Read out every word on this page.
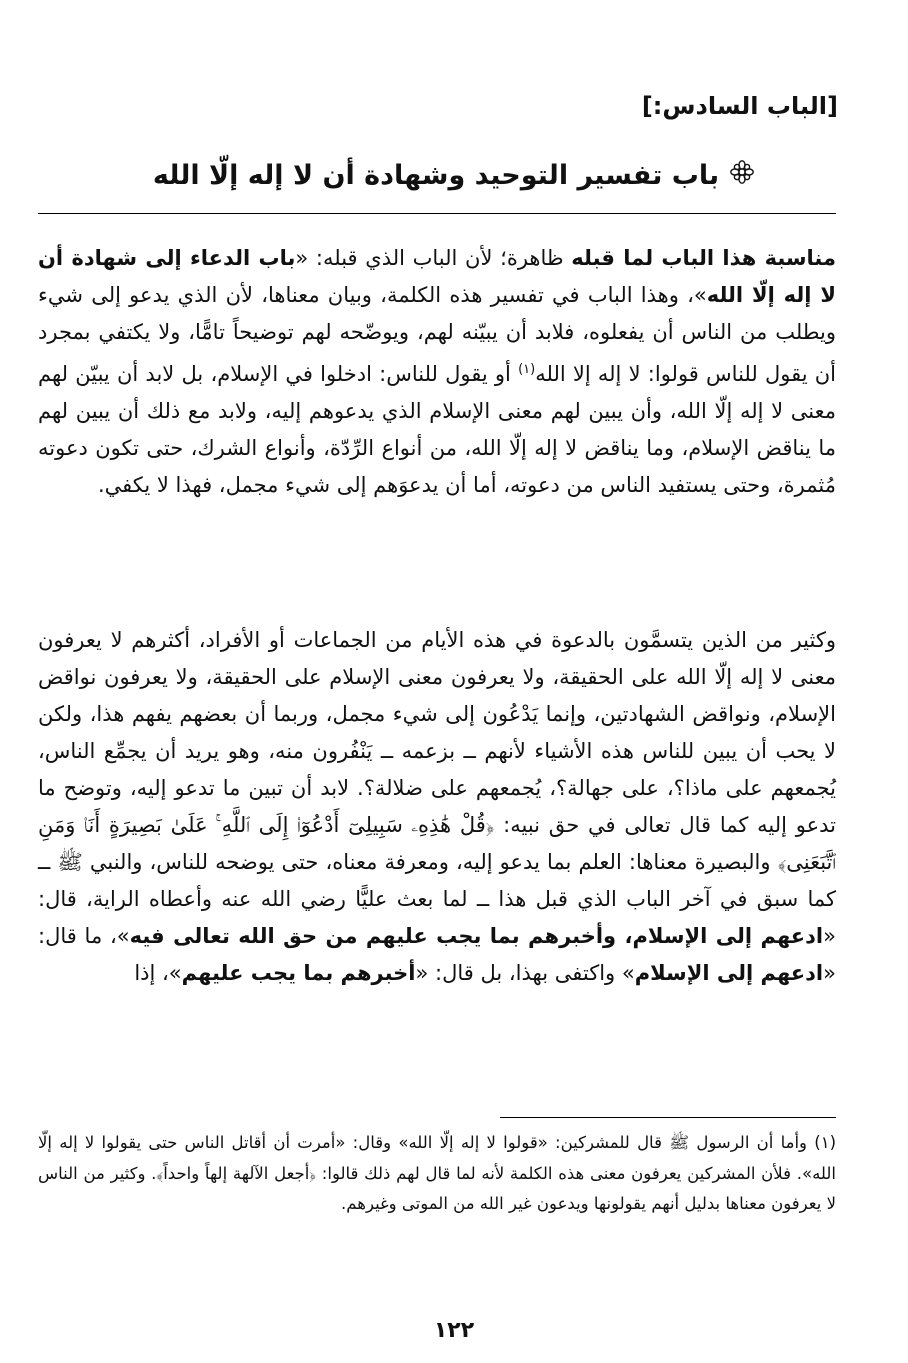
[الباب السادس:]
باب تفسير التوحيد وشهادة أن لا إله إلّا الله

مناسبة هذا الباب لما قبله ظاهرة؛ لأن الباب الذي قبله: «باب الدعاء إلى شهادة أن لا إله إلّا الله»، وهذا الباب في تفسير هذه الكلمة، وبيان معناها، لأن الذي يدعو إلى شيء ويطلب من الناس أن يفعلوه، فلابد أن يبيّنه لهم، ويوضّحه لهم توضيحاً تامًّا، ولا يكتفي بمجرد أن يقول للناس قولوا: لا إله إلا الله$^{(١)}$ أو يقول للناس: ادخلوا في الإسلام، بل لابد أن يبيّن لهم معنى لا إله إلّا الله، وأن يبين لهم معنى الإسلام الذي يدعوهم إليه، ولابد مع ذلك أن يبين لهم ما يناقض الإسلام، وما يناقض لا إله إلّا الله، من أنواع الرِّدّة، وأنواع الشرك، حتى تكون دعوته مُثمرة، وحتى يستفيد الناس من دعوته، أما أن يدعوَهم إلى شيء مجمل، فهذا لا يكفي.

وكثير من الذين يتسمَّون بالدعوة في هذه الأيام من الجماعات أو الأفراد، أكثرهم لا يعرفون معنى لا إله إلّا الله على الحقيقة، ولا يعرفون معنى الإسلام على الحقيقة، ولا يعرفون نواقض الإسلام، ونواقض الشهادتين، وإنما يَدْعُون إلى شيء مجمل، وربما أن بعضهم يفهم هذا، ولكن لا يحب أن يبين للناس هذه الأشياء لأنهم ــ بزعمه ــ يَنْفُرون منه، وهو يريد أن يجمِّع الناس، يُجمعهم على ماذا؟، على جهالة؟، يُجمعهم على ضلالة؟. لابد أن تبين ما تدعو إليه، وتوضح ما تدعو إليه كما قال تعالى في حق نبيه: ﴿قُلْ هَٰذِهِۦ سَبِيلِىٓ أَدْعُوٓا۟ إِلَى ٱللَّهِ ۚ عَلَىٰ بَصِيرَةٍ أَنَا۠ وَمَنِ ٱتَّبَعَنِى﴾ والبصيرة معناها: العلم بما يدعو إليه، ومعرفة معناه، حتى يوضحه للناس، والنبي ﷺ ــ كما سبق في آخر الباب الذي قبل هذا ــ لما بعث عليًّا رضي الله عنه وأعطاه الراية، قال: «ادعهم إلى الإسلام، وأخبرهم بما يجب عليهم من حق الله تعالى فيه»، ما قال: «ادعهم إلى الإسلام» واكتفى بهذا، بل قال: «أخبرهم بما يجب عليهم»، إذا

(١) وأما أن الرسول ﷺ قال للمشركين: «قولوا لا إله إلّا الله» وقال: «أمرت أن أقاتل الناس حتى يقولوا لا إله إلّا الله». فلأن المشركين يعرفون معنى هذه الكلمة لأنه لما قال لهم ذلك قالوا: ﴿أجعل الآلهة إلهاً واحداً﴾. وكثير من الناس لا يعرفون معناها بدليل أنهم يقولونها ويدعون غير الله من الموتى وغيرهم.

١٢٢
